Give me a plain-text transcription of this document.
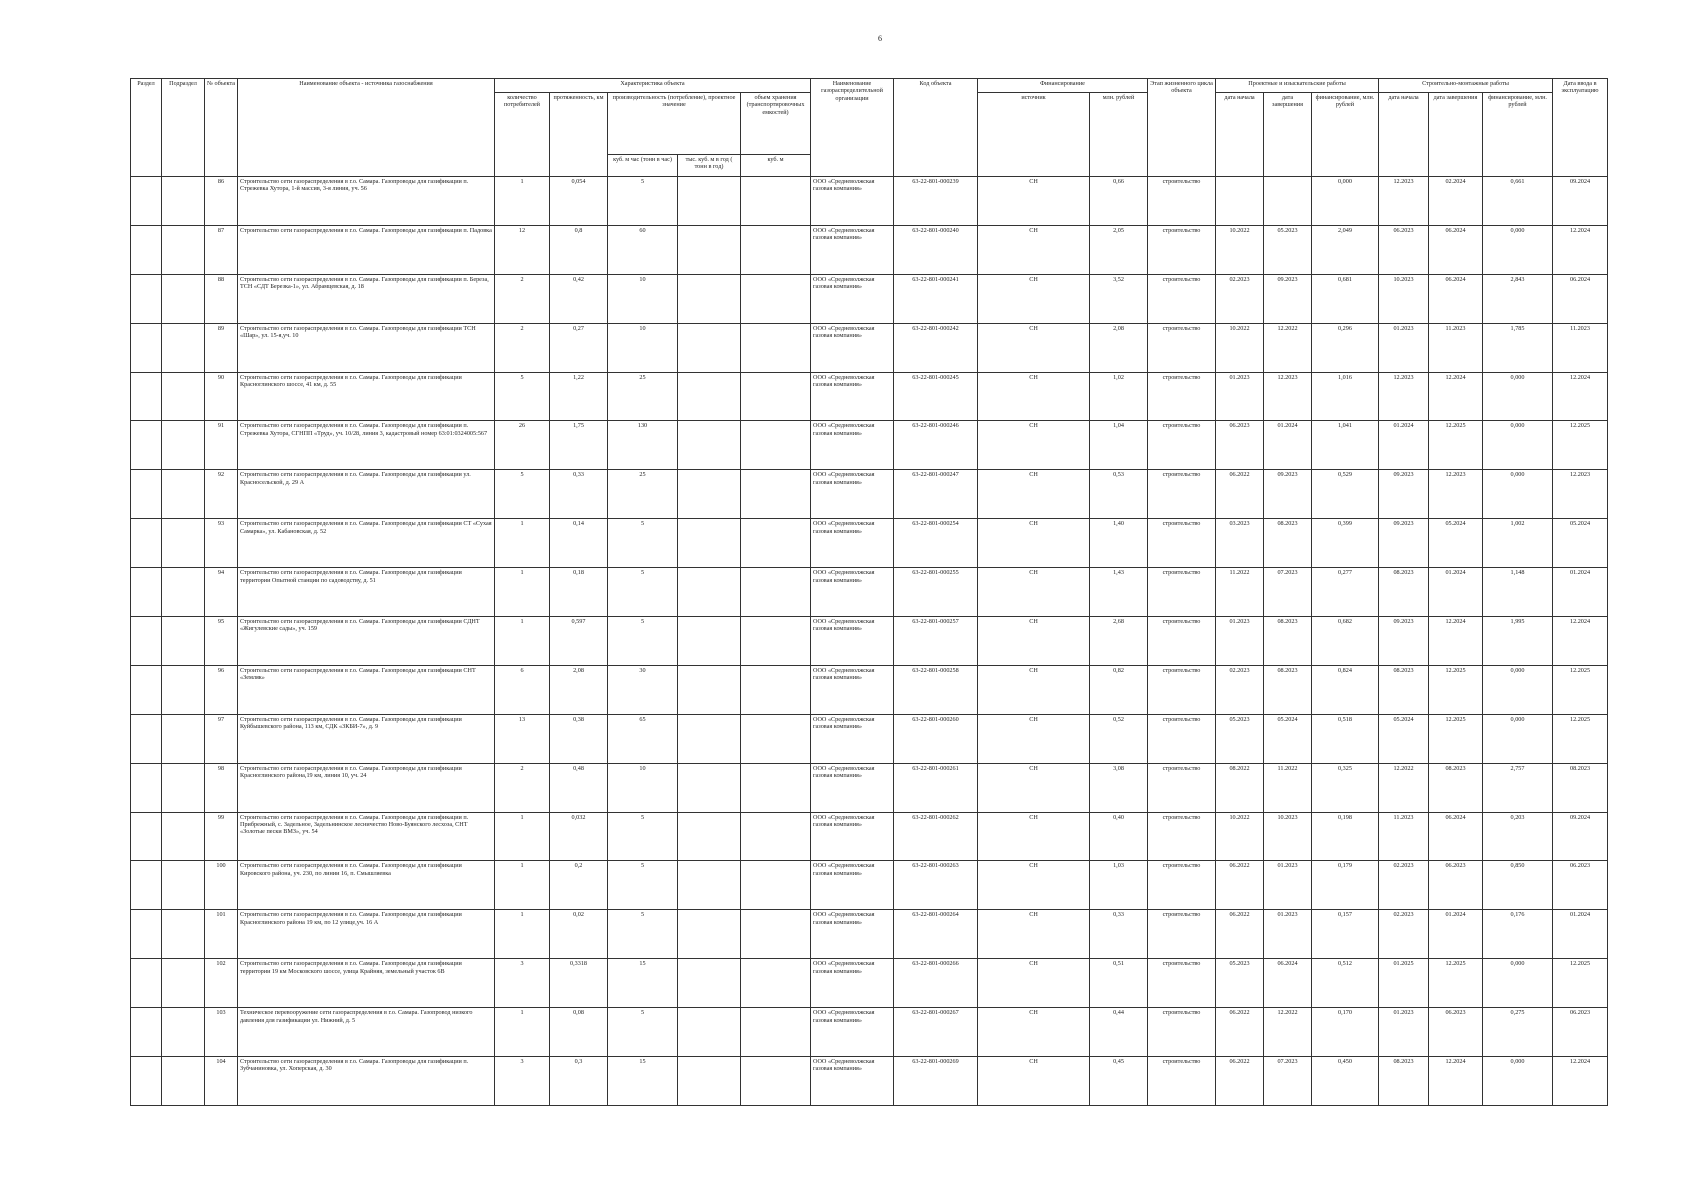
6
Раздел	Подраздел	№ объекта	Наименование объекта - источника газоснабжения	Характеристика объекта					Наименование газораспределительной организации	Код объекта	Финансирование		Этап жизненного цикла объекта	Проектные и изыскательские работы			Строительно-монтажные работы			Дата ввода в эксплуатацию
				количество потребителей	протяженность, км	производительность (потребление), проектное значение		объем хранения (транспортировочных емкостей)			источник	млн. рублей		дата начала	дата завершения	финансирование, млн. рублей	дата начала	дата завершения	финансирование, млн. рублей	
						куб. м час (тонн в час)	тыс. куб. м в год ( тонн в год)	куб. м												
		86	Строительство сети газораспределения в г.о. Самара. Газопроводы для газификации п. Стрежевка Хутора, 1-й массив, 3-я линия, уч. 56	1	0,054	5			ООО «Средневолжская газовая компания»	63-22-801-000239	СН	0,66	строительство			0,000	12.2023	02.2024	0,661	09.2024
		87	Строительство сети газораспределения в г.о. Самара. Газопроводы для газификации п. Падовка	12	0,8	60			ООО «Средневолжская газовая компания»	63-22-801-000240	СН	2,05	строительство	10.2022	05.2023	2,049	06.2023	06.2024	0,000	12.2024
		88	Строительство сети газораспределения в г.о. Самара. Газопроводы для газификации п. Береза, ТСН «СДТ Березка-1», ул. Абрамцевская, д. 18	2	0,42	10			ООО «Средневолжская газовая компания»	63-22-801-000241	СН	3,52	строительство	02.2023	09.2023	0,681	10.2023	06.2024	2,843	06.2024
		89	Строительство сети газораспределения в г.о. Самара. Газопроводы для газификации ТСН «Шар», ул. 15-я,уч. 10	2	0,27	10			ООО «Средневолжская газовая компания»	63-22-801-000242	СН	2,08	строительство	10.2022	12.2022	0,296	01.2023	11.2023	1,785	11.2023
		90	Строительство сети газораспределения в г.о. Самара. Газопроводы для газификации Красноглинского шоссе, 41 км, д. 55	5	1,22	25			ООО «Средневолжская газовая компания»	63-22-801-000245	СН	1,02	строительство	01.2023	12.2023	1,016	12.2023	12.2024	0,000	12.2024
		91	Строительство сети газораспределения в г.о. Самара. Газопроводы для газификации п. Стрежевка Хутора, СГНПП «Труд», уч. 10/28, линия 3, кадастровый номер 63:01:0324005:567	26	1,75	130			ООО «Средневолжская газовая компания»	63-22-801-000246	СН	1,04	строительство	06.2023	01.2024	1,041	01.2024	12.2025	0,000	12.2025
		92	Строительство сети газораспределения в г.о. Самара. Газопроводы для газификации ул. Красносельской, д. 29 А	5	0,33	25			ООО «Средневолжская газовая компания»	63-22-801-000247	СН	0,53	строительство	06.2022	09.2023	0,529	09.2023	12.2023	0,000	12.2023
		93	Строительство сети газораспределения в г.о. Самара. Газопроводы для газификации СТ «Сухая Самарка», ул. Кабановская, д. 52	1	0,14	5			ООО «Средневолжская газовая компания»	63-22-801-000254	СН	1,40	строительство	03.2023	08.2023	0,399	09.2023	05.2024	1,002	05.2024
		94	Строительство сети газораспределения в г.о. Самара. Газопроводы для газификации территории Опытной станции по садоводству, д. 51	1	0,18	5			ООО «Средневолжская газовая компания»	63-22-801-000255	СН	1,43	строительство	11.2022	07.2023	0,277	08.2023	01.2024	1,148	01.2024
		95	Строительство сети газораспределения в г.о. Самара. Газопроводы для газификации СДНТ «Жигулевские сады», уч. 159	1	0,597	5			ООО «Средневолжская газовая компания»	63-22-801-000257	СН	2,68	строительство	01.2023	08.2023	0,682	09.2023	12.2024	1,995	12.2024
		96	Строительство сети газораспределения в г.о. Самара. Газопроводы для газификации СНТ «Земляк»	6	2,08	30			ООО «Средневолжская газовая компания»	63-22-801-000258	СН	0,82	строительство	02.2023	08.2023	0,824	08.2023	12.2025	0,000	12.2025
		97	Строительство сети газораспределения в г.о. Самара. Газопроводы для газификации Куйбышевского района, 113 км, СДК «ЗКБИ-7», д. 9	13	0,38	65			ООО «Средневолжская газовая компания»	63-22-801-000260	СН	0,52	строительство	05.2023	05.2024	0,518	05.2024	12.2025	0,000	12.2025
		98	Строительство сети газораспределения в г.о. Самара. Газопроводы для газификации Красноглинского района,19 км, линия 10, уч. 24	2	0,48	10			ООО «Средневолжская газовая компания»	63-22-801-000261	СН	3,08	строительство	08.2022	11.2022	0,325	12.2022	08.2023	2,757	08.2023
		99	Строительство сети газораспределения в г.о. Самара. Газопроводы для газификации п. Прибрежный, с. Задельное, Задельнинское лесничество Ново-Буянского лесхоза, СНТ «Золотые пески ВМЗ», уч. 54	1	0,032	5			ООО «Средневолжская газовая компания»	63-22-801-000262	СН	0,40	строительство	10.2022	10.2023	0,198	11.2023	06.2024	0,203	09.2024
		100	Строительство сети газораспределения в г.о. Самара. Газопроводы для газификации Кировского района, уч. 230, по линии 16, п. Смышляевка	1	0,2	5			ООО «Средневолжская газовая компания»	63-22-801-000263	СН	1,03	строительство	06.2022	01.2023	0,179	02.2023	06.2023	0,850	06.2023
		101	Строительство сети газораспределения в г.о. Самара. Газопроводы для газификации Красноглинского района 19 км, по 12 улице,уч. 16 А	1	0,02	5			ООО «Средневолжская газовая компания»	63-22-801-000264	СН	0,33	строительство	06.2022	01.2023	0,157	02.2023	01.2024	0,176	01.2024
		102	Строительство сети газораспределения в г.о. Самара. Газопроводы для газификации территории 19 км Московского шоссе, улица Крайняя, земельный участок 6В	3	0,3318	15			ООО «Средневолжская газовая компания»	63-22-801-000266	СН	0,51	строительство	05.2023	06.2024	0,512	01.2025	12.2025	0,000	12.2025
		103	Техническое перевооружение сети газораспределения в г.о. Самара. Газопровод низкого давления для газификации ул. Нижний, д. 5	1	0,08	5			ООО «Средневолжская газовая компания»	63-22-801-000267	СН	0,44	строительство	06.2022	12.2022	0,170	01.2023	06.2023	0,275	06.2023
		104	Строительство сети газораспределения в г.о. Самара. Газопроводы для газификации п. Зубчаниновка, ул. Хоперская, д. 30	3	0,3	15			ООО «Средневолжская газовая компания»	63-22-801-000269	СН	0,45	строительство	06.2022	07.2023	0,450	08.2023	12.2024	0,000	12.2024
